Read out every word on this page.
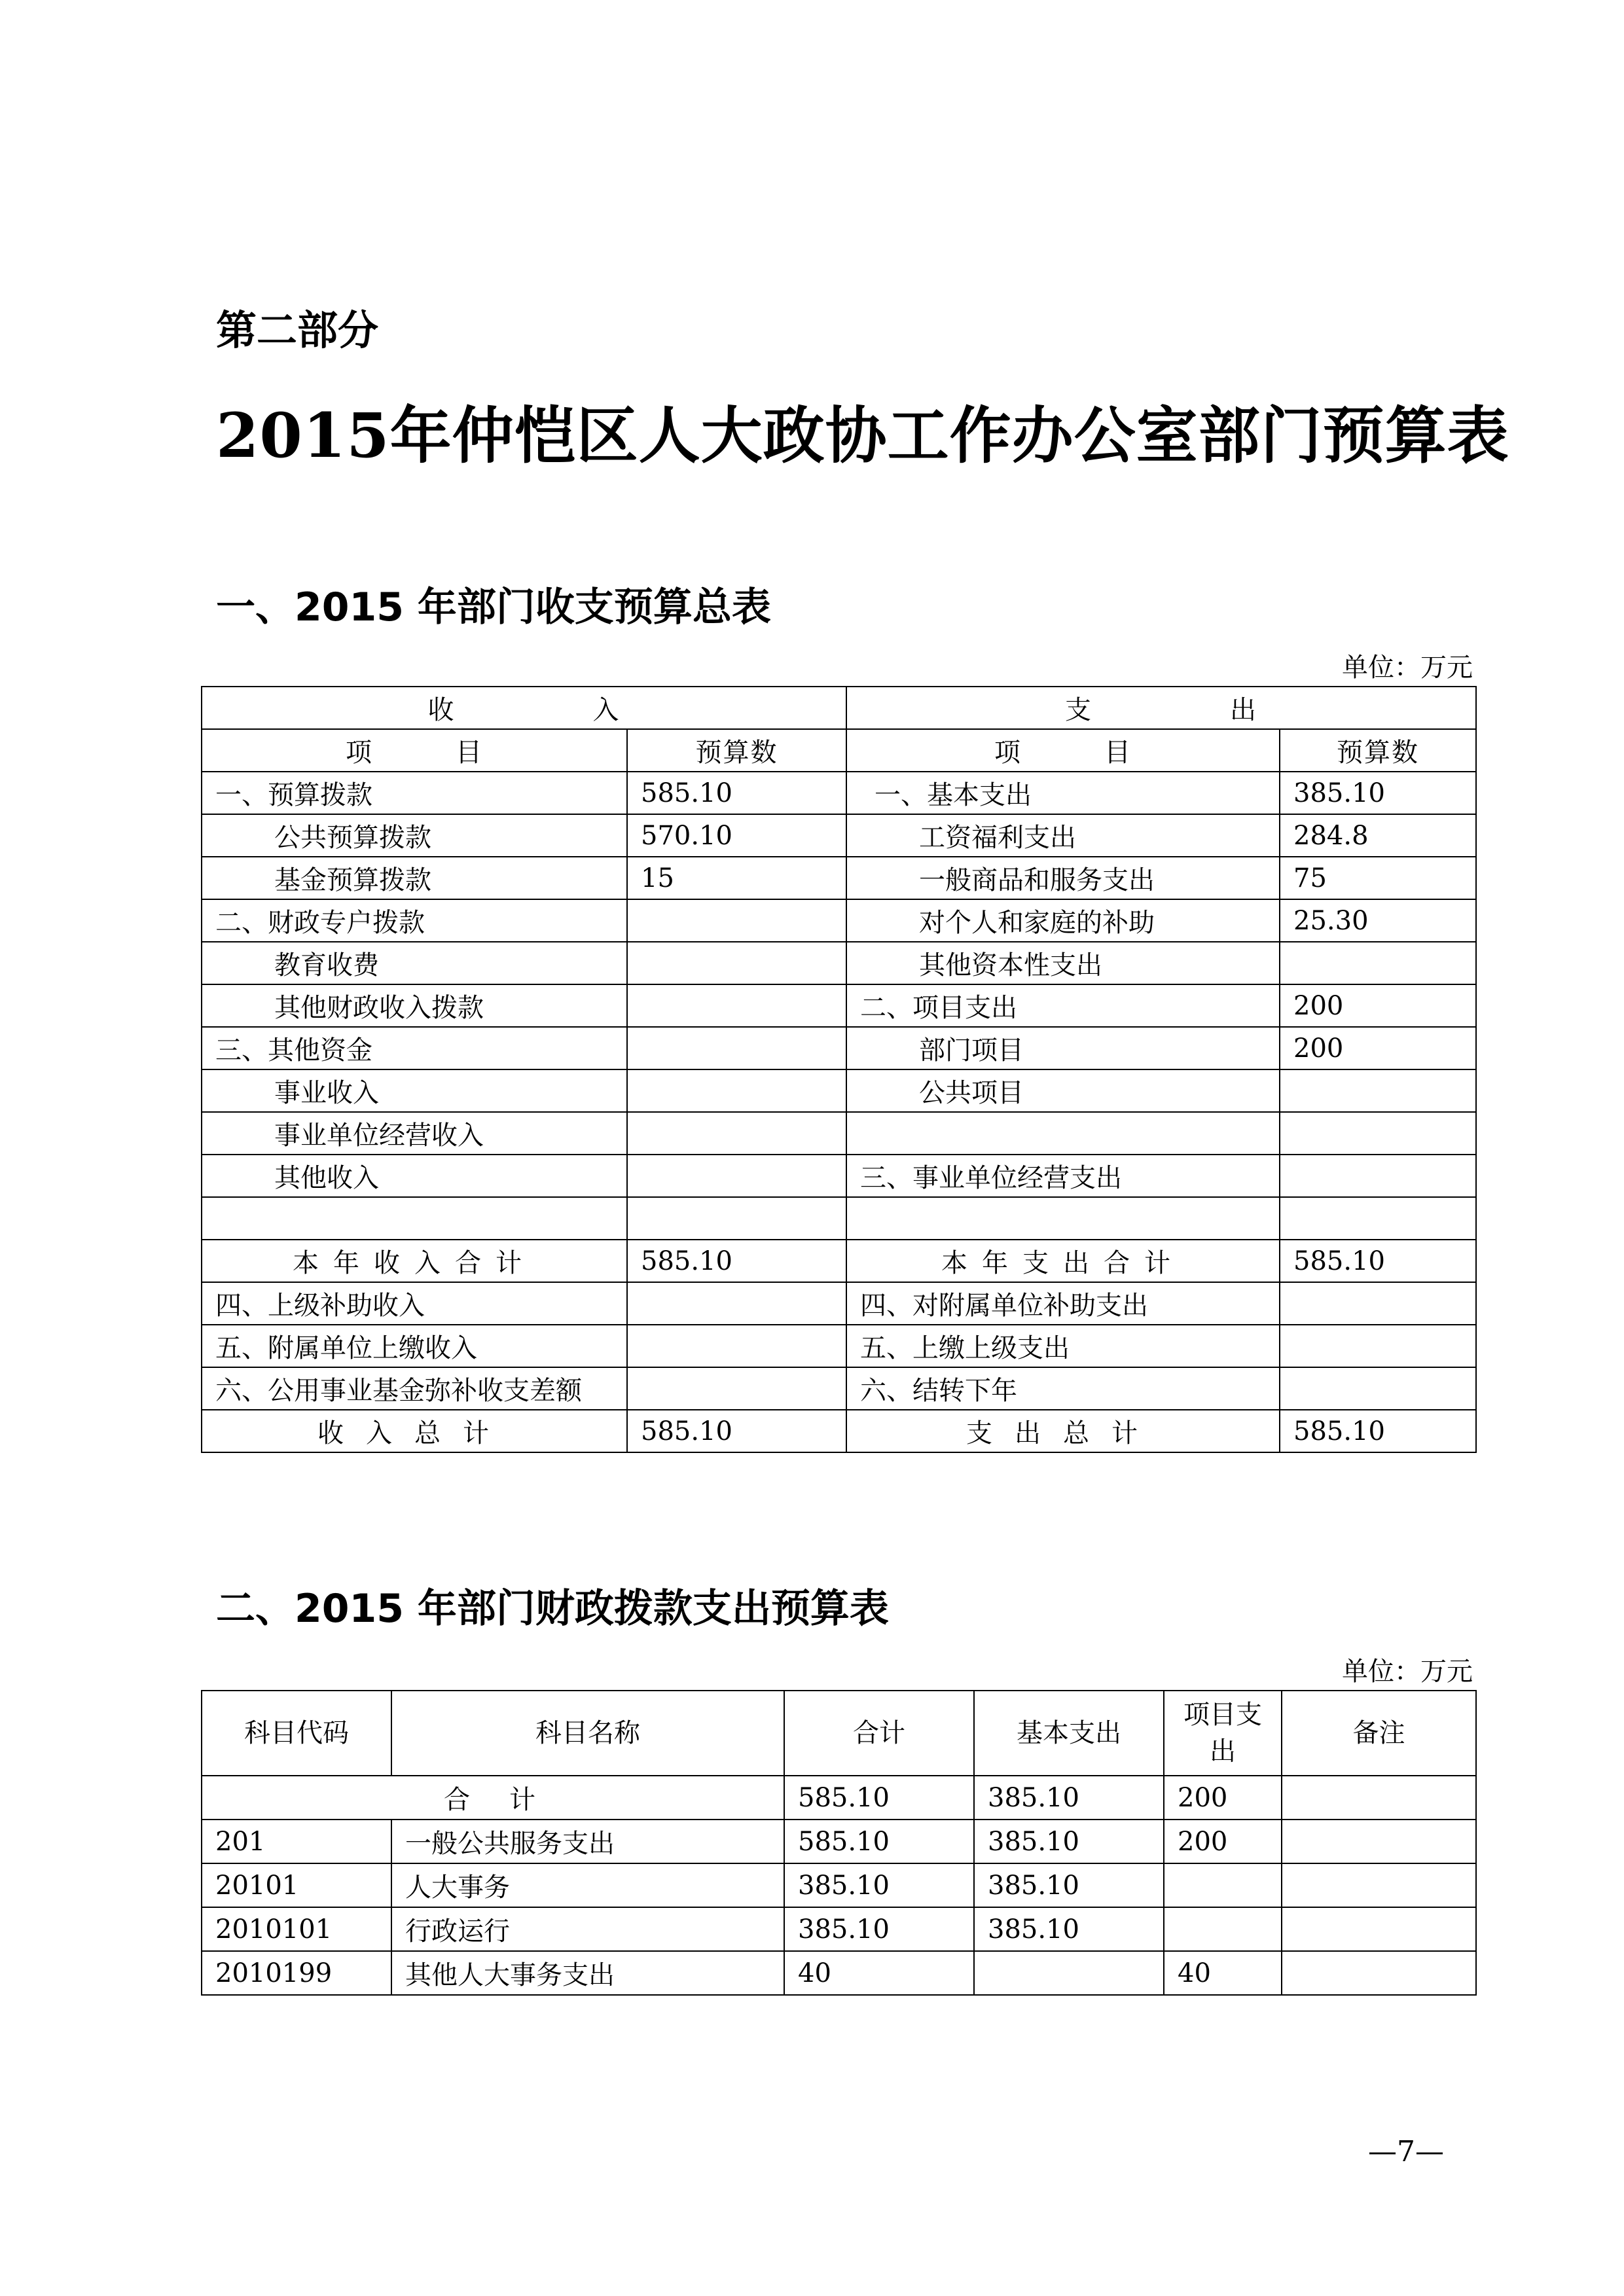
第二部分
2015年仲恺区人大政协工作办公室部门预算表
一、2015 年部门收支预算总表
单位：万元
收　　　　　入		支　　　　　出	
项　　　目	预算数	项　　　目	预算数
一、预算拨款	585.10	一、基本支出	385.10
公共预算拨款	570.10	工资福利支出	284.8
基金预算拨款	15	一般商品和服务支出	75
二、财政专户拨款		对个人和家庭的补助	25.30
教育收费		其他资本性支出	
其他财政收入拨款		二、项目支出	200
三、其他资金		部门项目	200
事业收入		公共项目	
事业单位经营收入			
其他收入		三、事业单位经营支出	

本年收入合计	585.10	本年支出合计	585.10
四、上级补助收入		四、对附属单位补助支出	
五、附属单位上缴收入		五、上缴上级支出	
六、公用事业基金弥补收支差额		六、结转下年	
收入总计	585.10	支出总计	585.10
二、2015 年部门财政拨款支出预算表
单位：万元
科目代码	科目名称	合计	基本支出	项目支出	备注
合　计		585.10	385.10	200	
201	一般公共服务支出	585.10	385.10	200	
20101	人大事务	385.10	385.10		
2010101	行政运行	385.10	385.10		
2010199	其他人大事务支出	40		40	
—7—
